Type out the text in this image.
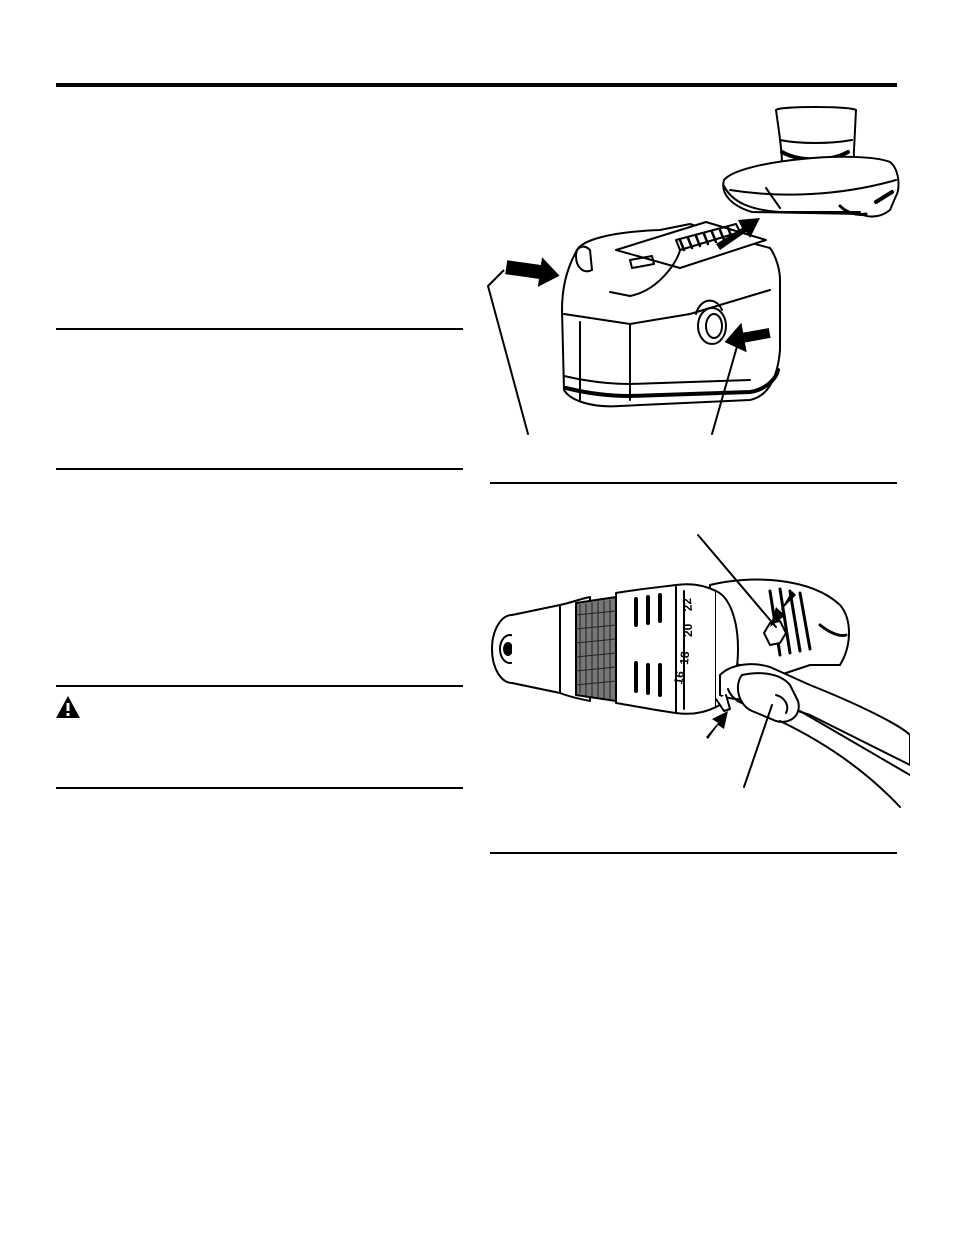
16
18
20
22
